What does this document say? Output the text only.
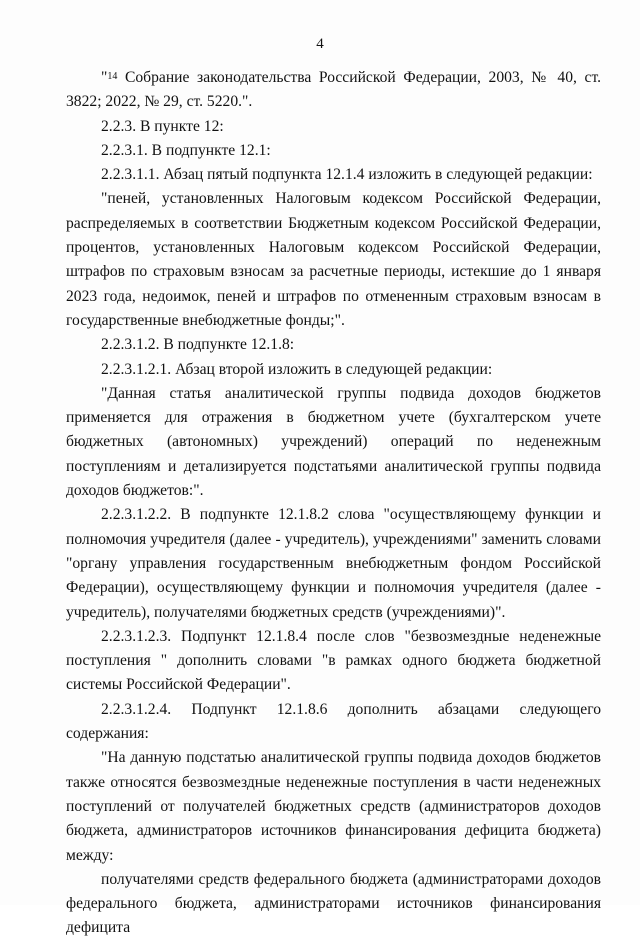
4

"$^{14}$ Собрание законодательства Российской Федерации, 2003, № 40, ст. 3822; 2022, № 29, ст. 5220.".

2.2.3. В пункте 12:

2.2.3.1. В подпункте 12.1:

2.2.3.1.1. Абзац пятый подпункта 12.1.4 изложить в следующей редакции:

"пеней, установленных Налоговым кодексом Российской Федерации, распределяемых в соответствии Бюджетным кодексом Российской Федерации, процентов, установленных Налоговым кодексом Российской Федерации, штрафов по страховым взносам за расчетные периоды, истекшие до 1 января 2023 года, недоимок, пеней и штрафов по отмененным страховым взносам в государственные внебюджетные фонды;".

2.2.3.1.2. В подпункте 12.1.8:

2.2.3.1.2.1. Абзац второй изложить в следующей редакции:

"Данная статья аналитической группы подвида доходов бюджетов применяется для отражения в бюджетном учете (бухгалтерском учете бюджетных (автономных) учреждений) операций по неденежным поступлениям и детализируется подстатьями аналитической группы подвида доходов бюджетов:".

2.2.3.1.2.2. В подпункте 12.1.8.2 слова "осуществляющему функции и полномочия учредителя (далее - учредитель), учреждениями" заменить словами "органу управления государственным внебюджетным фондом Российской Федерации), осуществляющему функции и полномочия учредителя (далее - учредитель), получателями бюджетных средств (учреждениями)".

2.2.3.1.2.3. Подпункт 12.1.8.4 после слов "безвозмездные неденежные поступления " дополнить словами "в рамках одного бюджета бюджетной системы Российской Федерации".

2.2.3.1.2.4. Подпункт 12.1.8.6 дополнить абзацами следующего содержания:

"На данную подстатью аналитической группы подвида доходов бюджетов также относятся безвозмездные неденежные поступления в части неденежных поступлений от получателей бюджетных средств (администраторов доходов бюджета, администраторов источников финансирования дефицита бюджета) между:

получателями средств федерального бюджета (администраторами доходов федерального бюджета, администраторами источников финансирования дефицита
